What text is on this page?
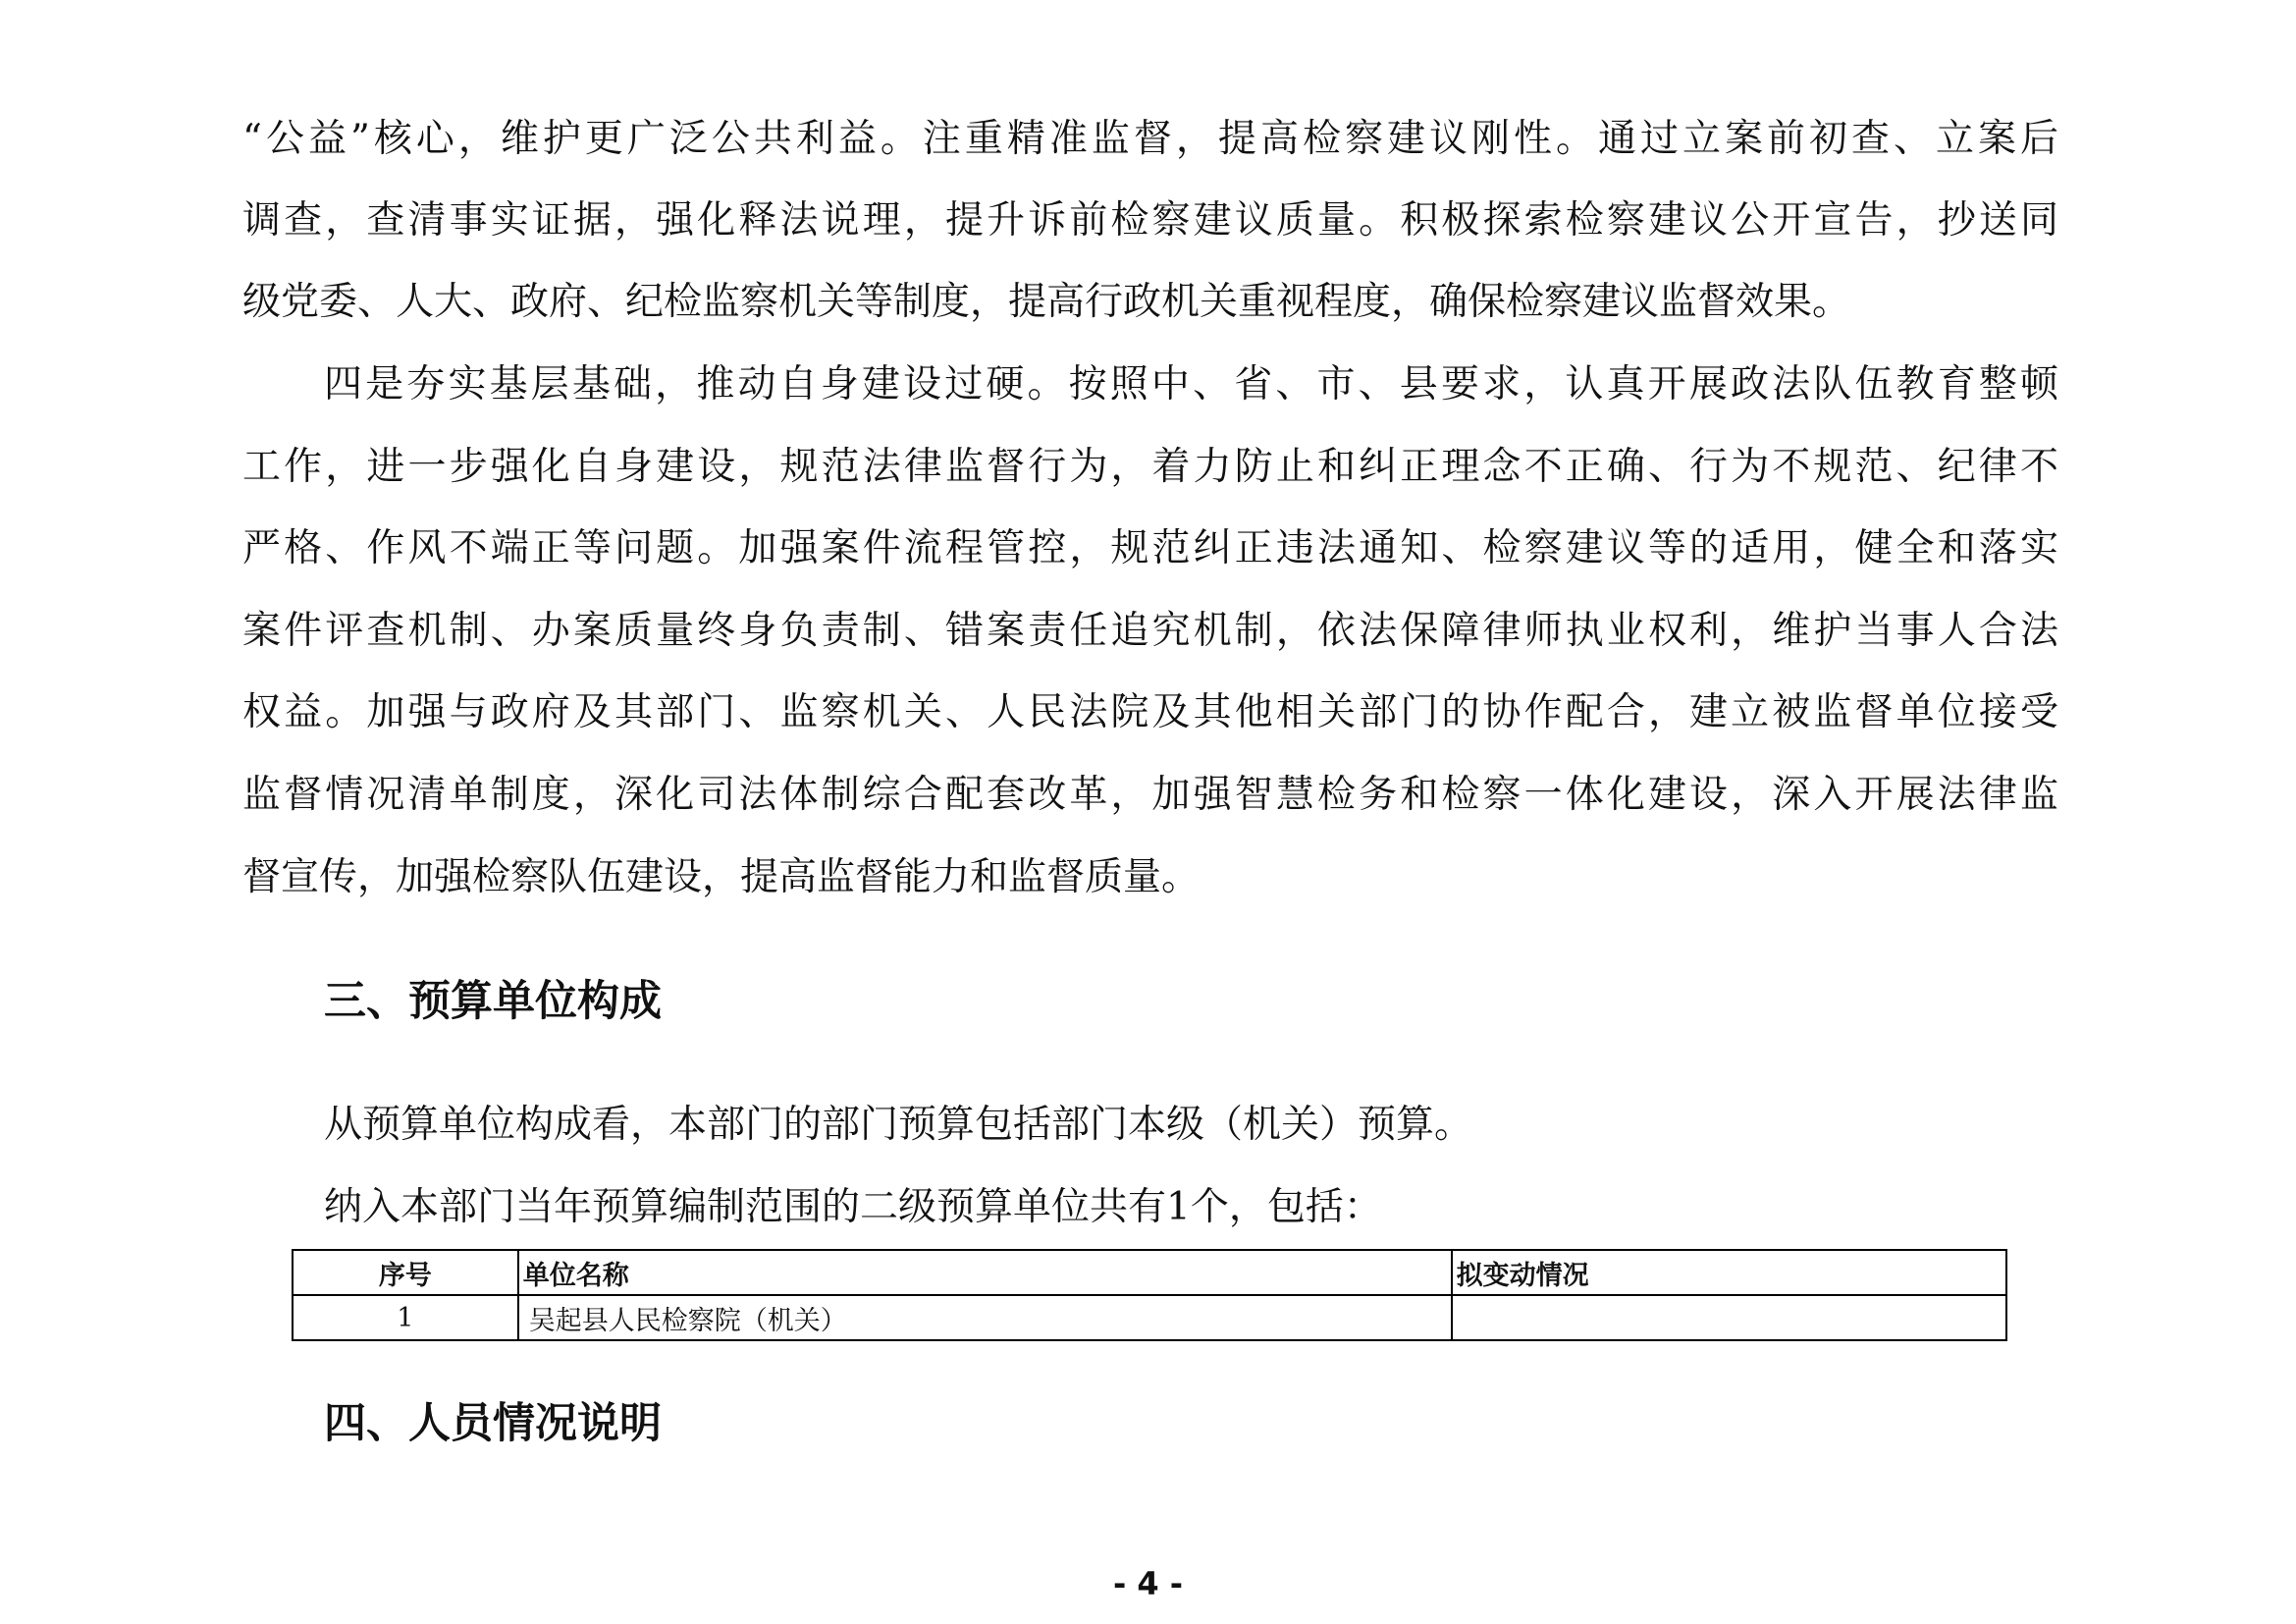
“公益”核心，维护更广泛公共利益。注重精准监督，提高检察建议刚性。通过立案前初查、立案后
调查，查清事实证据，强化释法说理，提升诉前检察建议质量。积极探索检察建议公开宣告，抄送同
级党委、人大、政府、纪检监察机关等制度，提高行政机关重视程度，确保检察建议监督效果。
四是夯实基层基础，推动自身建设过硬。按照中、省、市、县要求，认真开展政法队伍教育整顿
工作，进一步强化自身建设，规范法律监督行为，着力防止和纠正理念不正确、行为不规范、纪律不
严格、作风不端正等问题。加强案件流程管控，规范纠正违法通知、检察建议等的适用，健全和落实
案件评查机制、办案质量终身负责制、错案责任追究机制，依法保障律师执业权利，维护当事人合法
权益。加强与政府及其部门、监察机关、人民法院及其他相关部门的协作配合，建立被监督单位接受
监督情况清单制度，深化司法体制综合配套改革，加强智慧检务和检察一体化建设，深入开展法律监
督宣传，加强检察队伍建设，提高监督能力和监督质量。
三、预算单位构成
从预算单位构成看，本部门的部门预算包括部门本级（机关）预算。
纳入本部门当年预算编制范围的二级预算单位共有1个，包括：
序号	单位名称	拟变动情况
1	吴起县人民检察院（机关）	
四、人员情况说明
- 4 -
